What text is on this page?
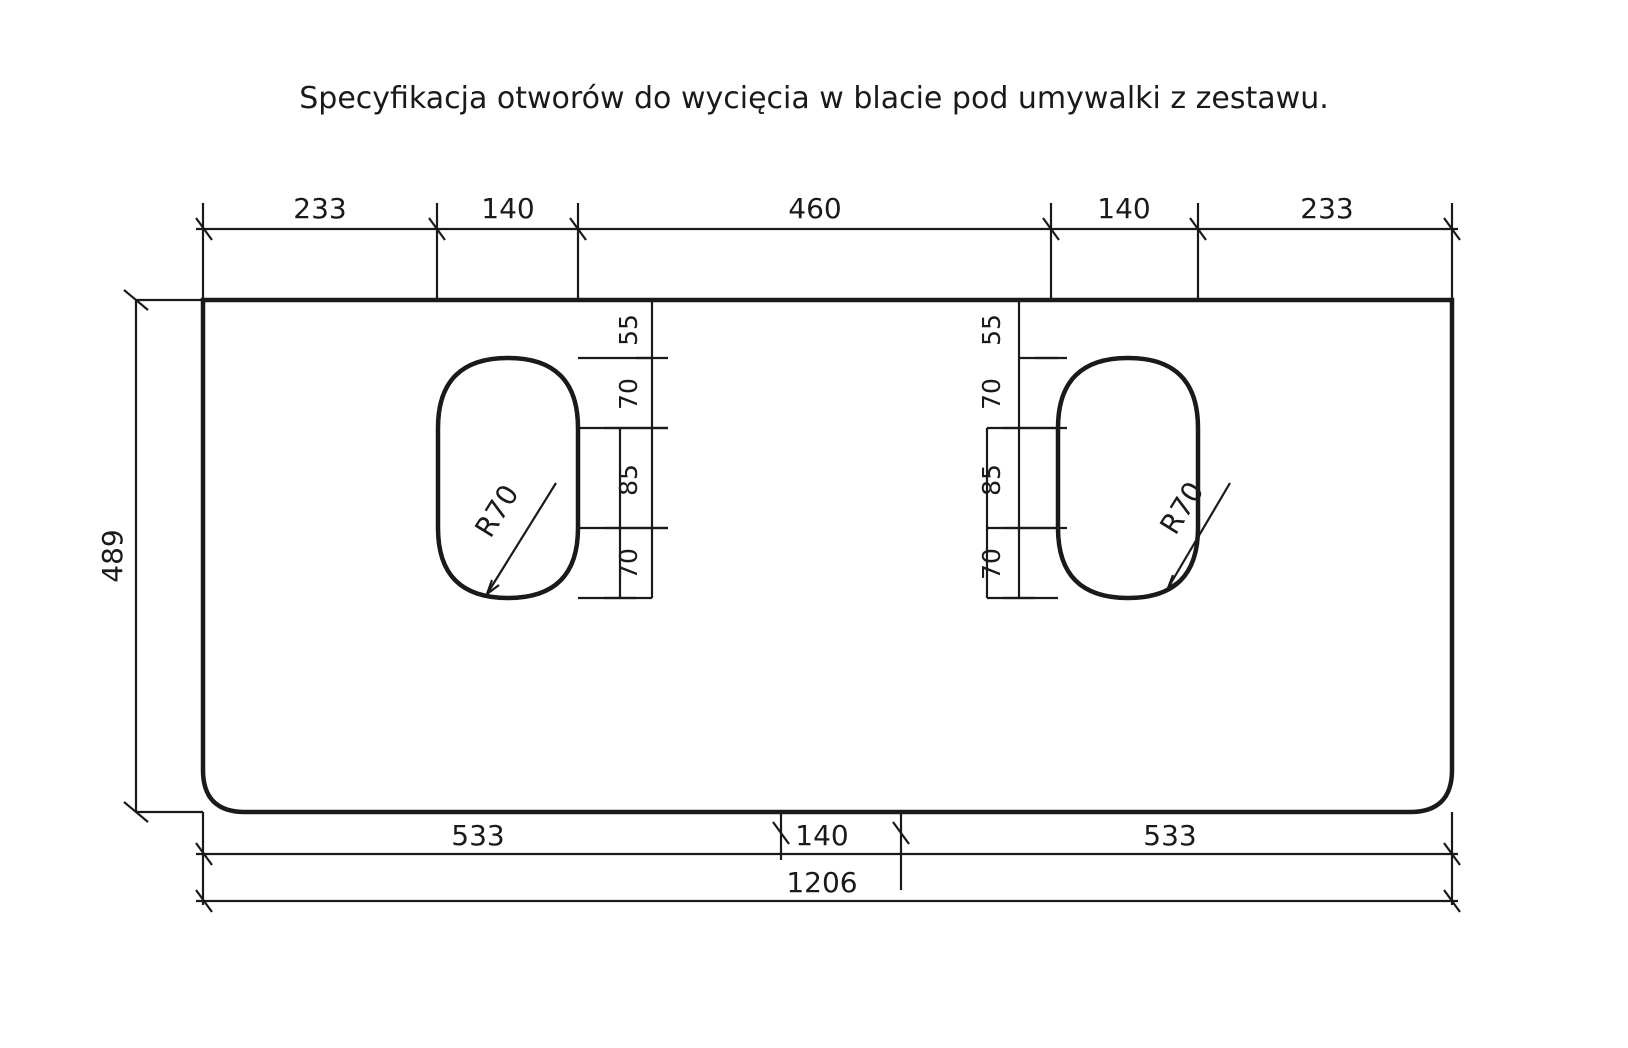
Specyfikacja otworów do wycięcia w blacie pod umywalki z zestawu.
233	140	460	140	233
R70	R70
489
55
70
85
70
55
70
85
70
533	140	533
1206
